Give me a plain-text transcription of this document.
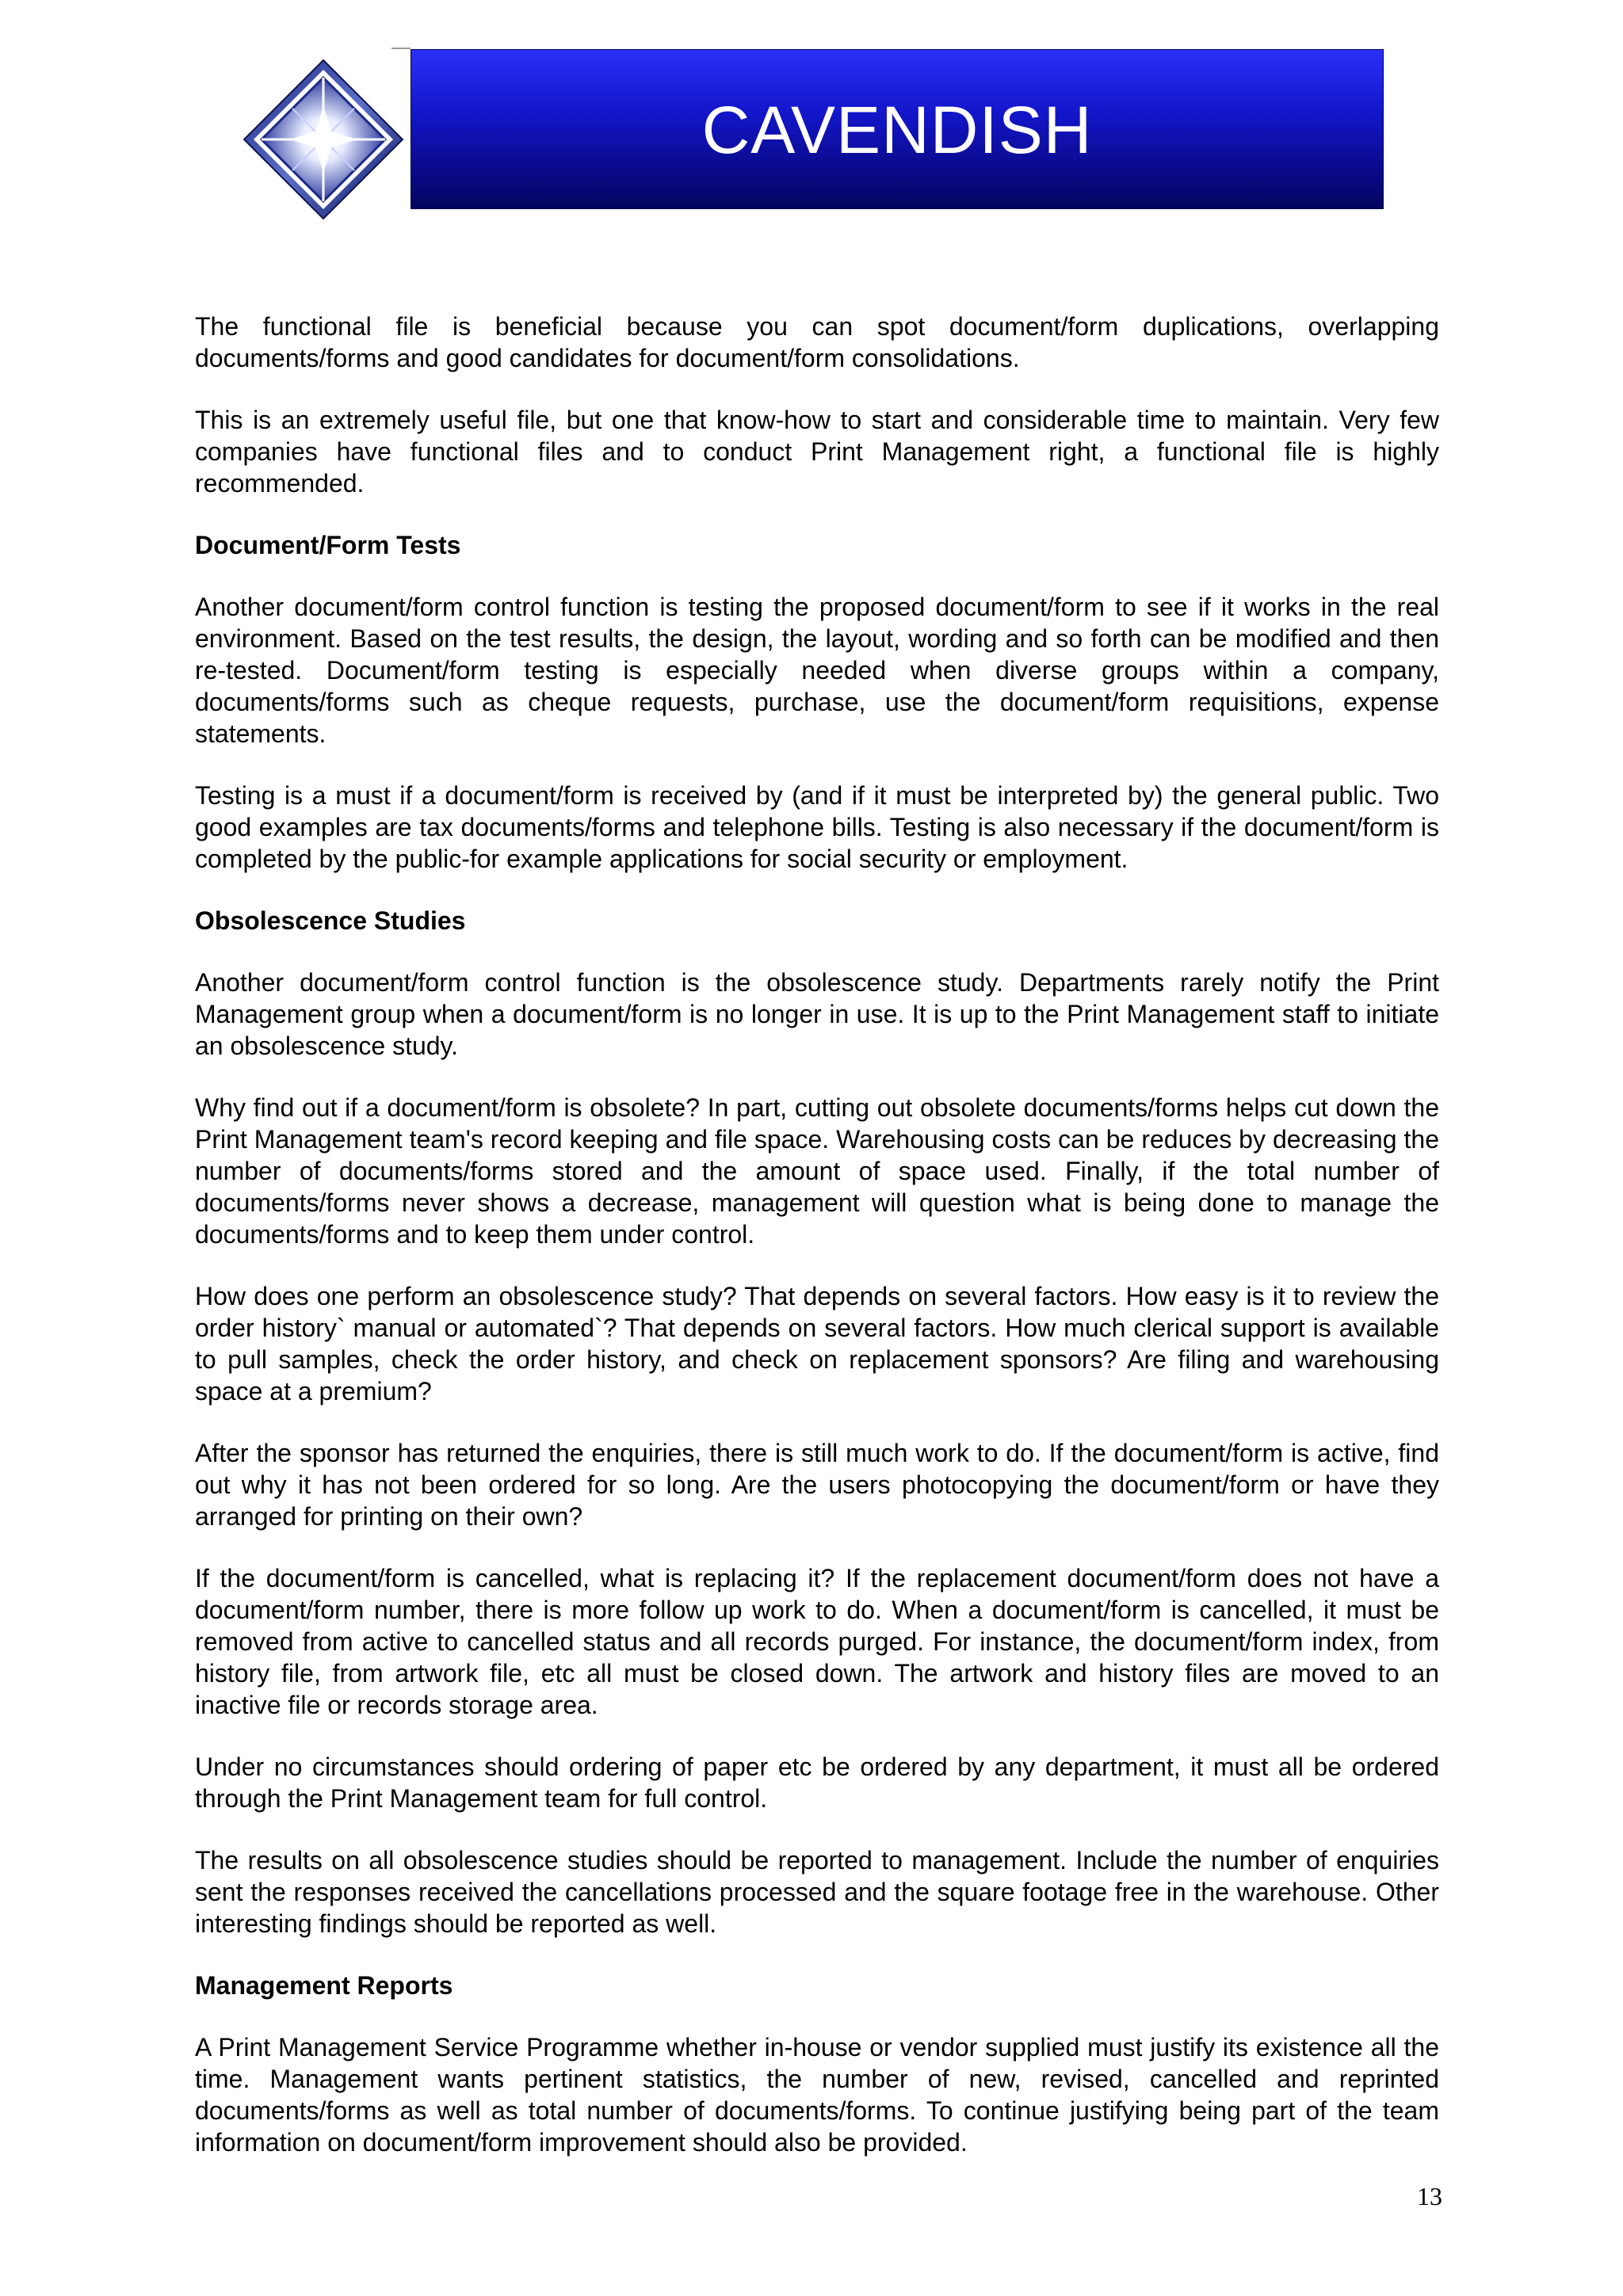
CAVENDISH

The functional file is beneficial because you can spot document/form duplications, overlapping documents/forms and good candidates for document/form consolidations.

This is an extremely useful file, but one that know-how to start and considerable time to maintain. Very few companies have functional files and to conduct Print Management right, a functional file is highly recommended.

Document/Form Tests

Another document/form control function is testing the proposed document/form to see if it works in the real environment. Based on the test results, the design, the layout, wording and so forth can be modified and then re-tested. Document/form testing is especially needed when diverse groups within a company, documents/forms such as cheque requests, purchase, use the document/form requisitions, expense statements.

Testing is a must if a document/form is received by (and if it must be interpreted by) the general public. Two good examples are tax documents/forms and telephone bills. Testing is also necessary if the document/form is completed by the public-for example applications for social security or employment.

Obsolescence Studies

Another document/form control function is the obsolescence study. Departments rarely notify the Print Management group when a document/form is no longer in use. It is up to the Print Management staff to initiate an obsolescence study.

Why find out if a document/form is obsolete? In part, cutting out obsolete documents/forms helps cut down the Print Management team's record keeping and file space. Warehousing costs can be reduces by decreasing the number of documents/forms stored and the amount of space used. Finally, if the total number of documents/forms never shows a decrease, management will question what is being done to manage the documents/forms and to keep them under control.

How does one perform an obsolescence study? That depends on several factors. How easy is it to review the order history` manual or automated`? That depends on several factors. How much clerical support is available to pull samples, check the order history, and check on replacement sponsors? Are filing and warehousing space at a premium?

After the sponsor has returned the enquiries, there is still much work to do. If the document/form is active, find out why it has not been ordered for so long. Are the users photocopying the document/form or have they arranged for printing on their own?

If the document/form is cancelled, what is replacing it? If the replacement document/form does not have a document/form number, there is more follow up work to do. When a document/form is cancelled, it must be removed from active to cancelled status and all records purged. For instance, the document/form index, from history file, from artwork file, etc all must be closed down. The artwork and history files are moved to an inactive file or records storage area.

Under no circumstances should ordering of paper etc be ordered by any department, it must all be ordered through the Print Management team for full control.

The results on all obsolescence studies should be reported to management. Include the number of enquiries sent the responses received the cancellations processed and the square footage free in the warehouse. Other interesting findings should be reported as well.

Management Reports

A Print Management Service Programme whether in-house or vendor supplied must justify its existence all the time. Management wants pertinent statistics, the number of new, revised, cancelled and reprinted documents/forms as well as total number of documents/forms. To continue justifying being part of the team information on document/form improvement should also be provided.

13
